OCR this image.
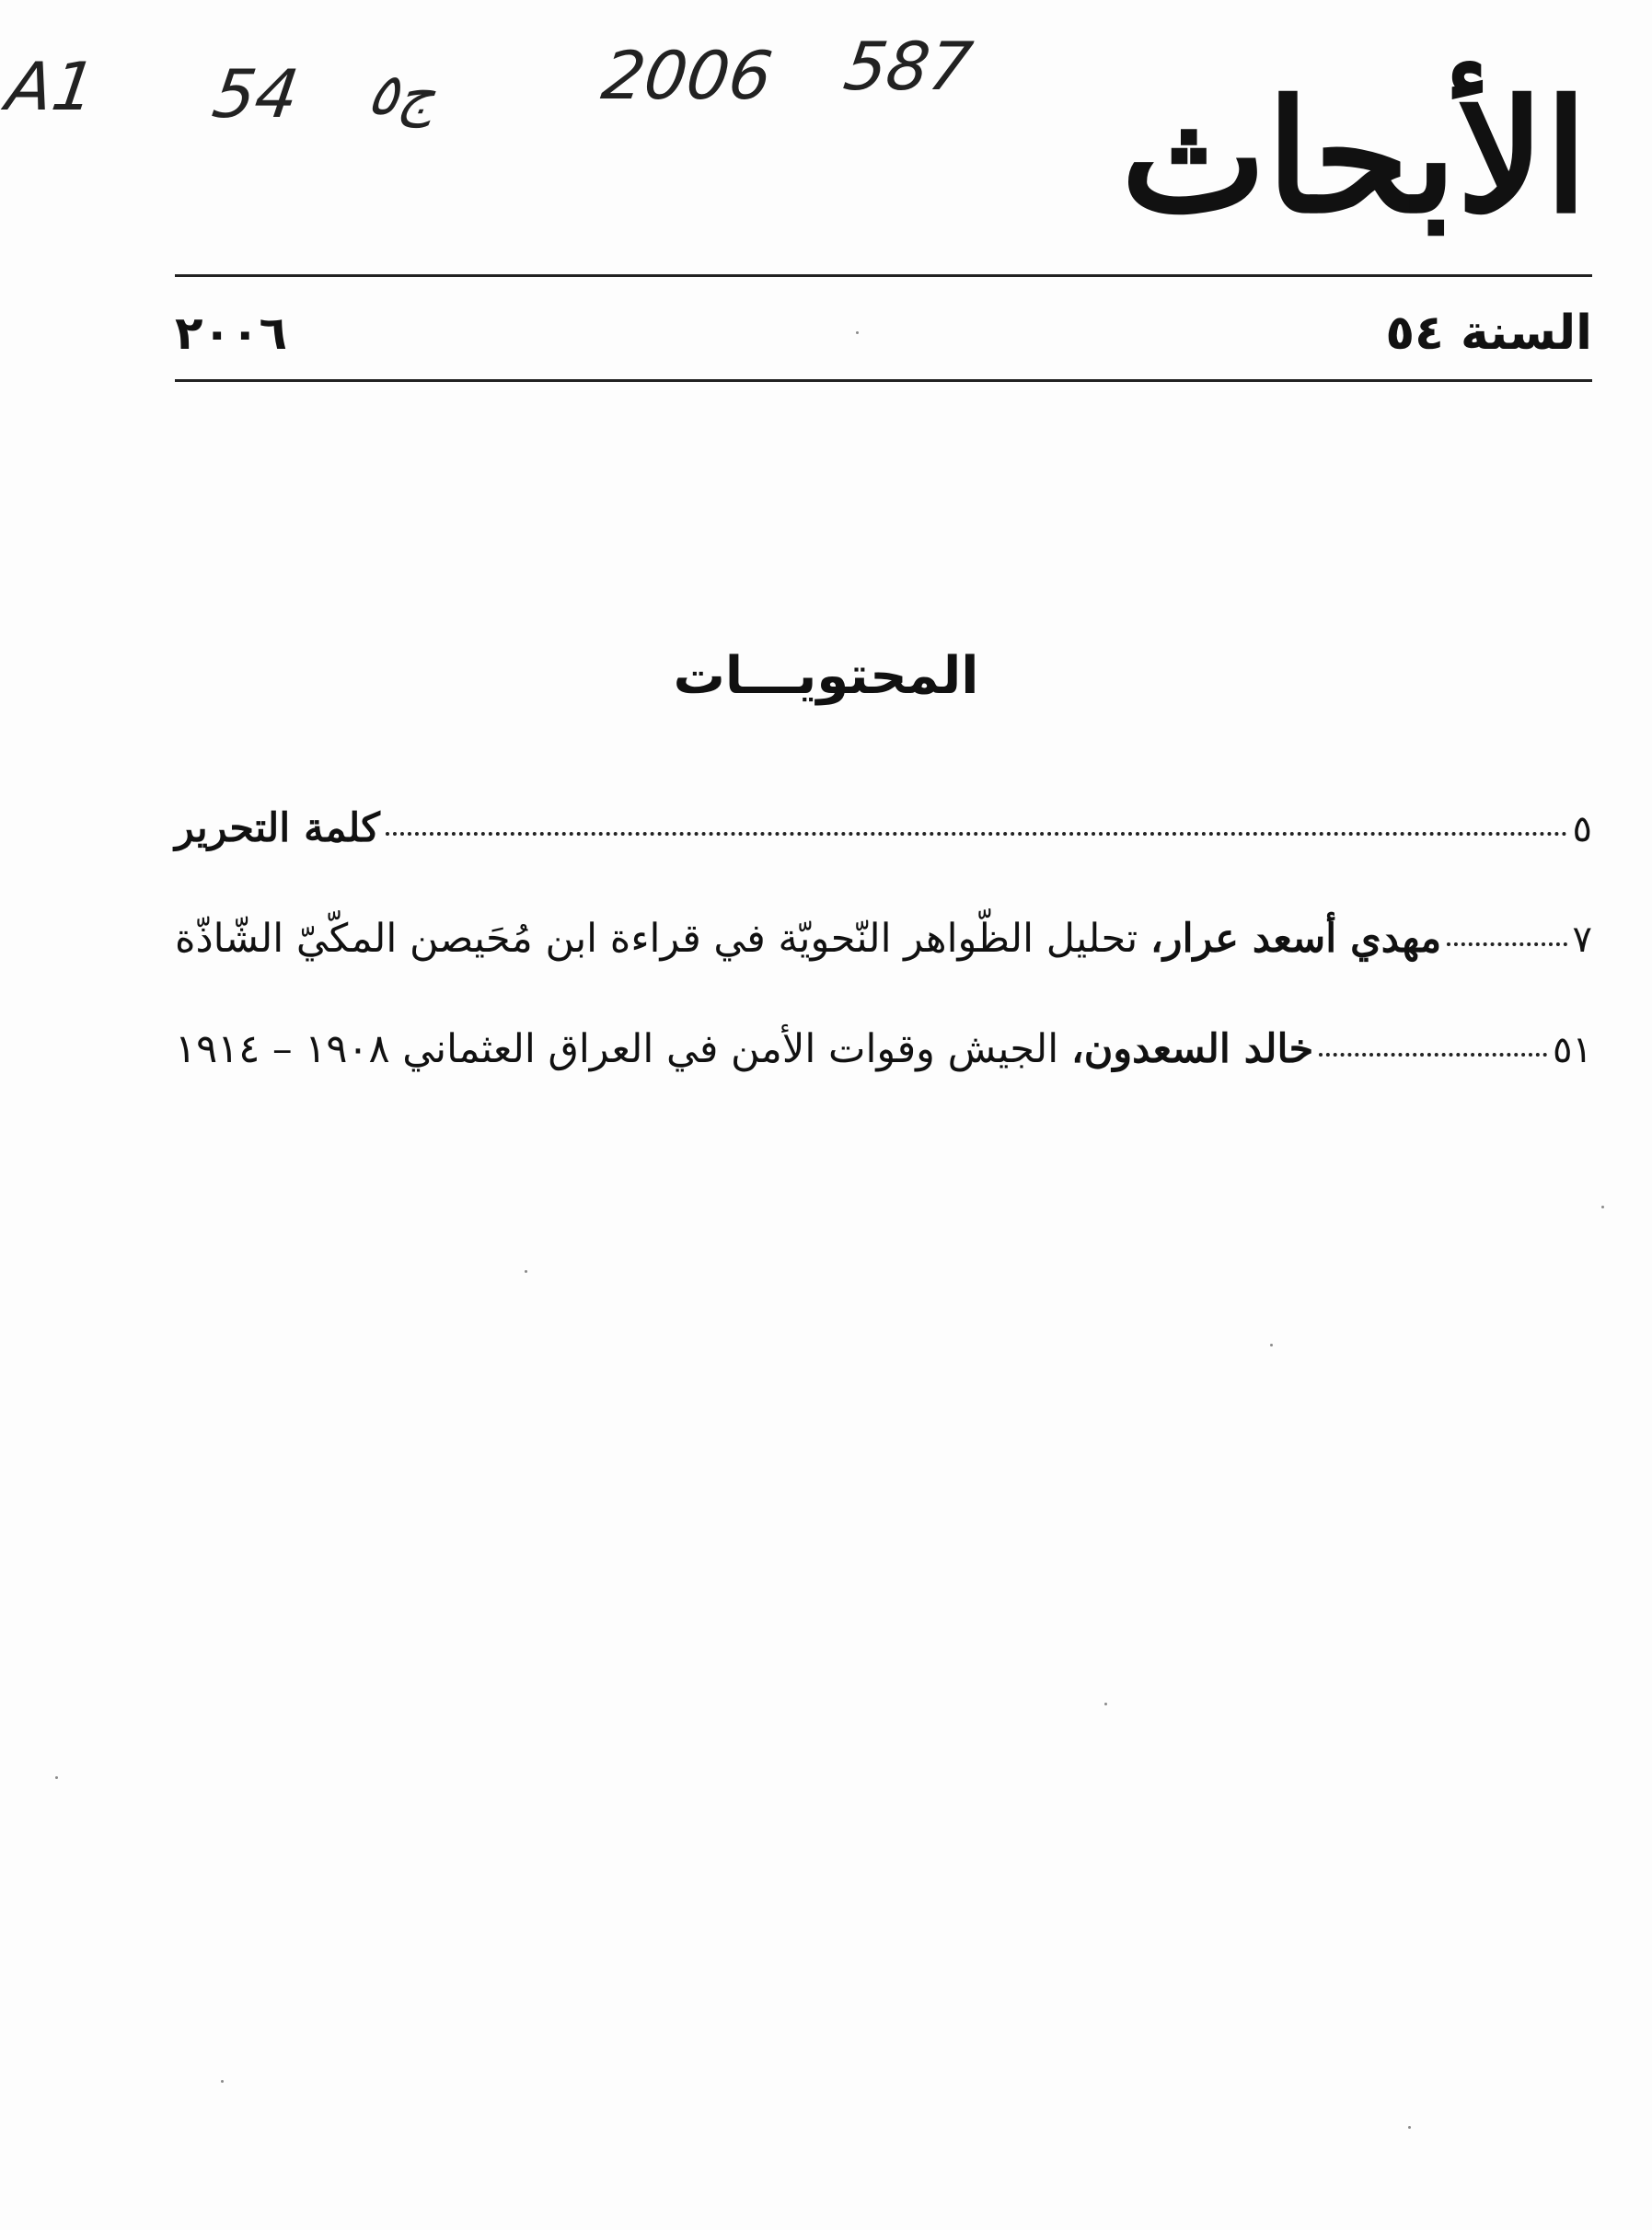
A1 54 ج٥ 2006 587 الأبحاث
٢٠٠٦	السنة ٥٤
المحتويـــات
كلمة التحرير	٥
مهدي أسعد عرار، تحليل الظّواهر النّحويّة في قراءة ابن مُحَيصن المكّيّ الشّاذّة	٧
خالد السعدون، الجيش وقوات الأمن في العراق العثماني ١٩٠٨ – ١٩١٤	٥١
